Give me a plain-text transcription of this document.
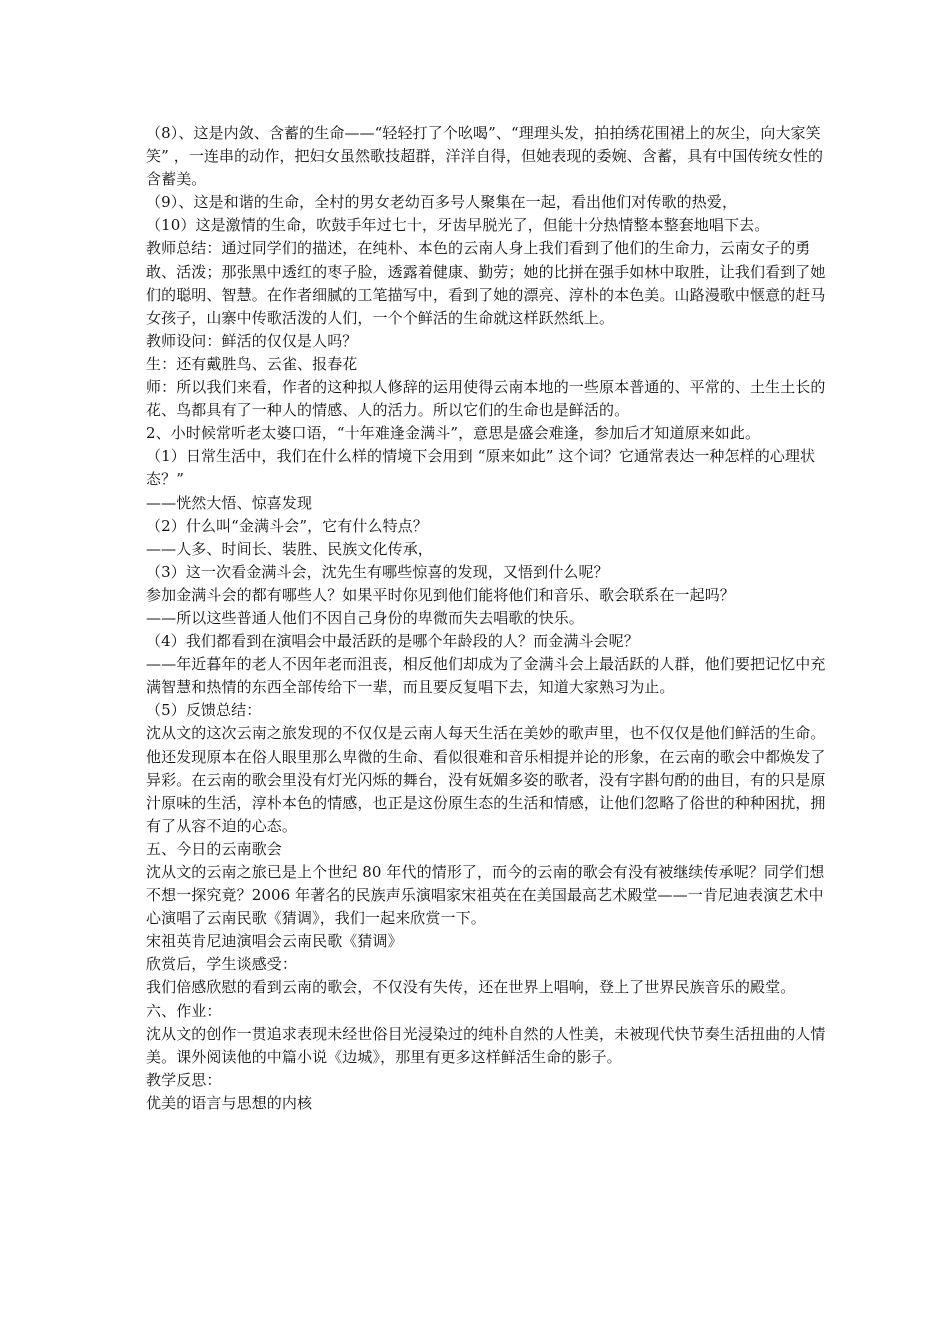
（8）、这是内敛、含蓄的生命——“轻轻打了个吆喝”、“理理头发，拍拍绣花围裙上的灰尘，向大家笑笑” ，一连串的动作，把妇女虽然歌技超群，洋洋自得，但她表现的委婉、含蓄，具有中国传统女性的含蓄美。

（9）、这是和谐的生命，全村的男女老幼百多号人聚集在一起，看出他们对传歌的热爱，

（10）这是激情的生命，吹鼓手年过七十，牙齿早脱光了，但能十分热情整本整套地唱下去。

教师总结：通过同学们的描述，在纯朴、本色的云南人身上我们看到了他们的生命力，云南女子的勇敢、活泼；那张黑中透红的枣子脸，透露着健康、勤劳；她的比拼在强手如林中取胜，让我们看到了她们的聪明、智慧。在作者细腻的工笔描写中，看到了她的漂亮、淳朴的本色美。山路漫歌中惬意的赶马女孩子，山寨中传歌活泼的人们，一个个鲜活的生命就这样跃然纸上。

教师设问：鲜活的仅仅是人吗？

生：还有戴胜鸟、云雀、报春花

师：所以我们来看，作者的这种拟人修辞的运用使得云南本地的一些原本普通的、平常的、土生土长的花、鸟都具有了一种人的情感、人的活力。所以它们的生命也是鲜活的。

2、小时候常听老太婆口语，“十年难逢金满斗”，意思是盛会难逢，参加后才知道原来如此。

（1）日常生活中，我们在什么样的情境下会用到 “原来如此” 这个词？它通常表达一种怎样的心理状态？”

——恍然大悟、惊喜发现

（2）什么叫“金满斗会”，它有什么特点？

——人多、时间长、装胜、民族文化传承，

（3）这一次看金满斗会，沈先生有哪些惊喜的发现，又悟到什么呢？

参加金满斗会的都有哪些人？如果平时你见到他们能将他们和音乐、歌会联系在一起吗？

——所以这些普通人他们不因自己身份的卑微而失去唱歌的快乐。

（4）我们都看到在演唱会中最活跃的是哪个年龄段的人？而金满斗会呢？

——年近暮年的老人不因年老而沮丧，相反他们却成为了金满斗会上最活跃的人群，他们要把记忆中充满智慧和热情的东西全部传给下一辈，而且要反复唱下去，知道大家熟习为止。

（5）反馈总结：

沈从文的这次云南之旅发现的不仅仅是云南人每天生活在美妙的歌声里，也不仅仅是他们鲜活的生命。他还发现原本在俗人眼里那么卑微的生命、看似很难和音乐相提并论的形象，在云南的歌会中都焕发了异彩。在云南的歌会里没有灯光闪烁的舞台，没有妩媚多姿的歌者，没有字斟句酌的曲目，有的只是原汁原味的生活，淳朴本色的情感，也正是这份原生态的生活和情感，让他们忽略了俗世的种种困扰，拥有了从容不迫的心态。

五、今日的云南歌会

沈从文的云南之旅已是上个世纪 80 年代的情形了，而今的云南的歌会有没有被继续传承呢？同学们想不想一探究竟？2006 年著名的民族声乐演唱家宋祖英在在美国最高艺术殿堂——一肯尼迪表演艺术中心演唱了云南民歌《猜调》，我们一起来欣赏一下。

宋祖英肯尼迪演唱会云南民歌《猜调》

欣赏后，学生谈感受：

我们倍感欣慰的看到云南的歌会，不仅没有失传，还在世界上唱响，登上了世界民族音乐的殿堂。

六、作业：

沈从文的创作一贯追求表现未经世俗目光浸染过的纯朴自然的人性美，未被现代快节奏生活扭曲的人情美。课外阅读他的中篇小说《边城》，那里有更多这样鲜活生命的影子。

教学反思：

优美的语言与思想的内核
